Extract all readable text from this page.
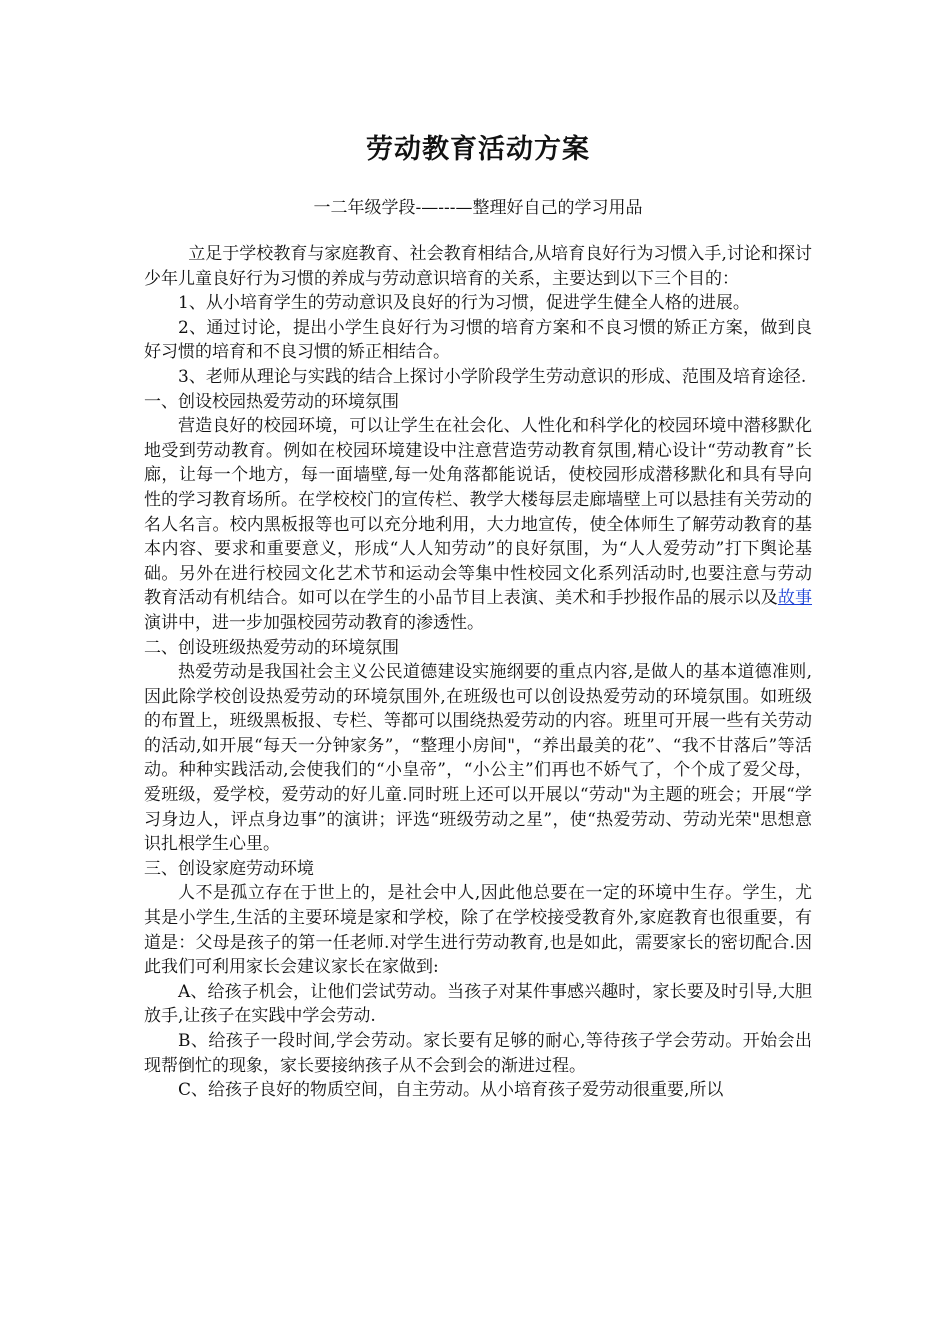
劳动教育活动方案
一二年级学段-—---—整理好自己的学习用品

立足于学校教育与家庭教育、社会教育相结合,从培育良好行为习惯入手,讨论和探讨少年儿童良好行为习惯的养成与劳动意识培育的关系，主要达到以下三个目的：

1、从小培育学生的劳动意识及良好的行为习惯，促进学生健全人格的进展。

2、通过讨论，提出小学生良好行为习惯的培育方案和不良习惯的矫正方案，做到良好习惯的培育和不良习惯的矫正相结合。

3、老师从理论与实践的结合上探讨小学阶段学生劳动意识的形成、范围及培育途径.

一、创设校园热爱劳动的环境氛围

营造良好的校园环境，可以让学生在社会化、人性化和科学化的校园环境中潜移默化地受到劳动教育。例如在校园环境建设中注意营造劳动教育氛围,精心设计“劳动教育”长廊，让每一个地方，每一面墙壁,每一处角落都能说话，使校园形成潜移默化和具有导向性的学习教育场所。在学校校门的宣传栏、教学大楼每层走廊墙壁上可以悬挂有关劳动的名人名言。校内黑板报等也可以充分地利用，大力地宣传，使全体师生了解劳动教育的基本内容、要求和重要意义，形成“人人知劳动”的良好氛围，为“人人爱劳动”打下舆论基础。另外在进行校园文化艺术节和运动会等集中性校园文化系列活动时,也要注意与劳动教育活动有机结合。如可以在学生的小品节目上表演、美术和手抄报作品的展示以及故事演讲中，进一步加强校园劳动教育的渗透性。

二、创设班级热爱劳动的环境氛围

热爱劳动是我国社会主义公民道德建设实施纲要的重点内容,是做人的基本道德准则,因此除学校创设热爱劳动的环境氛围外,在班级也可以创设热爱劳动的环境氛围。如班级的布置上，班级黑板报、专栏、等都可以围绕热爱劳动的内容。班里可开展一些有关劳动的活动,如开展“每天一分钟家务”，“整理小房间"，“养出最美的花”、“我不甘落后”等活动。种种实践活动,会使我们的“小皇帝”，“小公主”们再也不娇气了，个个成了爱父母，爱班级，爱学校，爱劳动的好儿童.同时班上还可以开展以“劳动"为主题的班会；开展“学习身边人，评点身边事”的演讲；评选“班级劳动之星”，使“热爱劳动、劳动光荣"思想意识扎根学生心里。

三、创设家庭劳动环境

人不是孤立存在于世上的，是社会中人,因此他总要在一定的环境中生存。学生，尤其是小学生,生活的主要环境是家和学校，除了在学校接受教育外,家庭教育也很重要，有道是：父母是孩子的第一任老师.对学生进行劳动教育,也是如此，需要家长的密切配合.因此我们可利用家长会建议家长在家做到:

A、给孩子机会，让他们尝试劳动。当孩子对某件事感兴趣时，家长要及时引导,大胆放手,让孩子在实践中学会劳动.

B、给孩子一段时间,学会劳动。家长要有足够的耐心,等待孩子学会劳动。开始会出现帮倒忙的现象，家长要接纳孩子从不会到会的渐进过程。

C、给孩子良好的物质空间，自主劳动。从小培育孩子爱劳动很重要,所以
